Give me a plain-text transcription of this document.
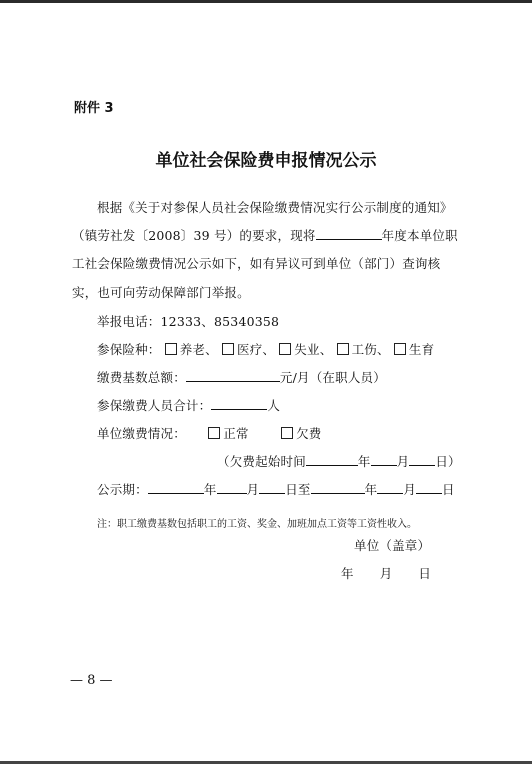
附件 3
单位社会保险费申报情况公示
根据《关于对参保人员社会保险缴费情况实行公示制度的通知》
（镇劳社发〔2008〕39 号）的要求，现将	年度本单位职
工社会保险缴费情况公示如下，如有异议可到单位（部门）查询核
实，也可向劳动保障部门举报。
举报电话：12333、85340358
参保险种： 养老、 医疗、 失业、 工伤、 生育
缴费基数总额：	元/月（在职人员）
参保缴费人员合计：	人
单位缴费情况：	正常	欠费
（欠费起始时间	年 月 日）
公示期：	年 月 日至	年 月 日
注：职工缴费基数包括职工的工资、奖金、加班加点工资等工资性收入。
单位（盖章）
年 月 日
— 8 —
